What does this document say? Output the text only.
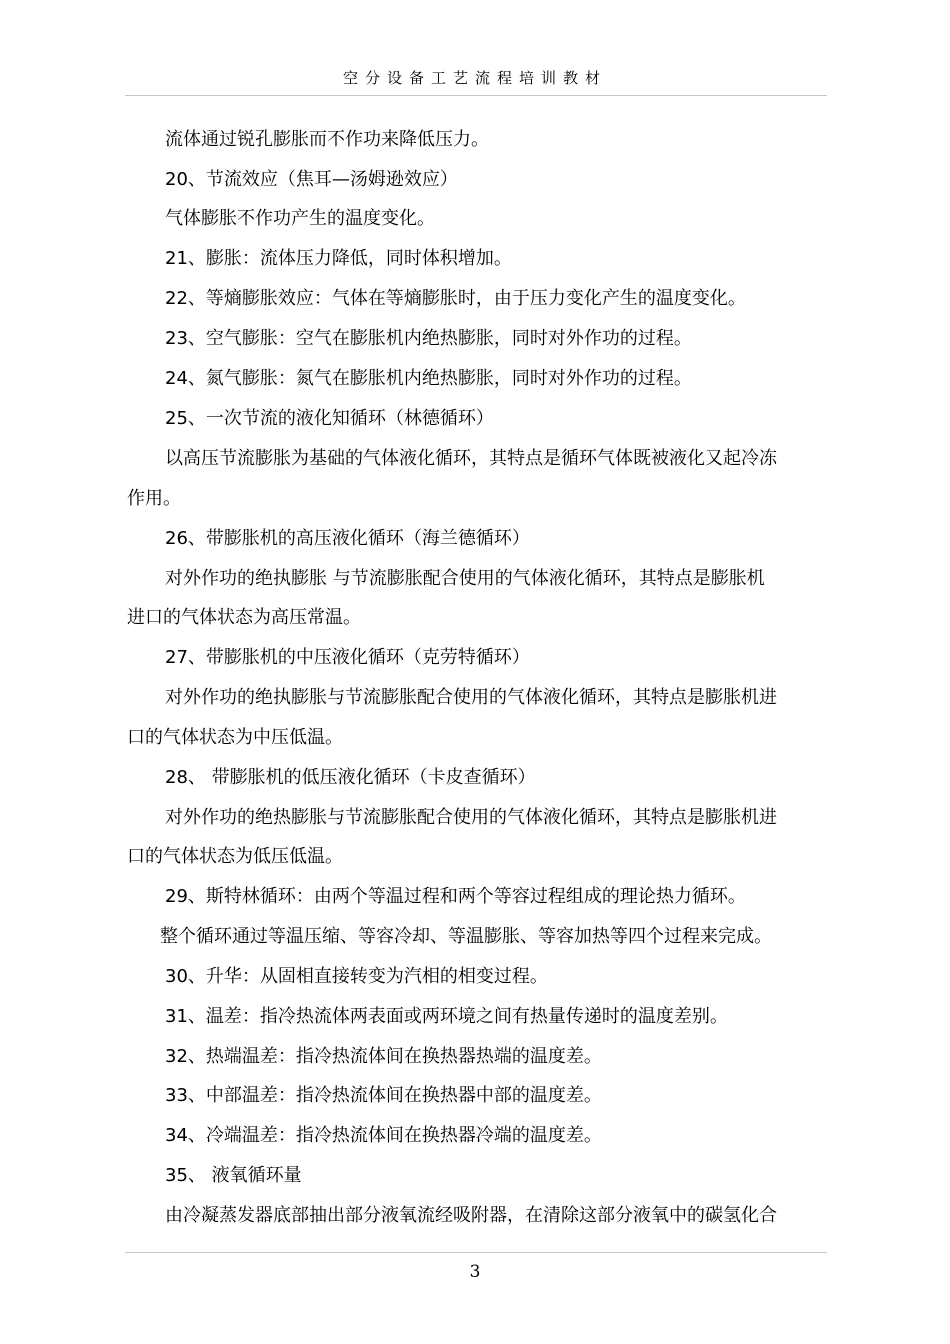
空分设备工艺流程培训教材
流体通过锐孔膨胀而不作功来降低压力。
20、节流效应（焦耳—汤姆逊效应）
气体膨胀不作功产生的温度变化。
21、膨胀：流体压力降低，同时体积增加。
22、等熵膨胀效应：气体在等熵膨胀时，由于压力变化产生的温度变化。
23、空气膨胀：空气在膨胀机内绝热膨胀，同时对外作功的过程。
24、氮气膨胀：氮气在膨胀机内绝热膨胀，同时对外作功的过程。
25、一次节流的液化知循环（林德循环）
以高压节流膨胀为基础的气体液化循环，其特点是循环气体既被液化又起冷冻
作用。
26、带膨胀机的高压液化循环（海兰德循环）
对外作功的绝执膨胀 与节流膨胀配合使用的气体液化循环，其特点是膨胀机
进口的气体状态为高压常温。
27、带膨胀机的中压液化循环（克劳特循环）
对外作功的绝执膨胀与节流膨胀配合使用的气体液化循环，其特点是膨胀机进
口的气体状态为中压低温。
28、 带膨胀机的低压液化循环（卡皮查循环）
对外作功的绝热膨胀与节流膨胀配合使用的气体液化循环，其特点是膨胀机进
口的气体状态为低压低温。
29、斯特林循环：由两个等温过程和两个等容过程组成的理论热力循环。
整个循环通过等温压缩、等容冷却、等温膨胀、等容加热等四个过程来完成。
30、升华：从固相直接转变为汽相的相变过程。
31、温差：指冷热流体两表面或两环境之间有热量传递时的温度差别。
32、热端温差：指冷热流体间在换热器热端的温度差。
33、中部温差：指冷热流体间在换热器中部的温度差。
34、冷端温差：指冷热流体间在换热器冷端的温度差。
35、 液氧循环量
由冷凝蒸发器底部抽出部分液氧流经吸附器，在清除这部分液氧中的碳氢化合
3
